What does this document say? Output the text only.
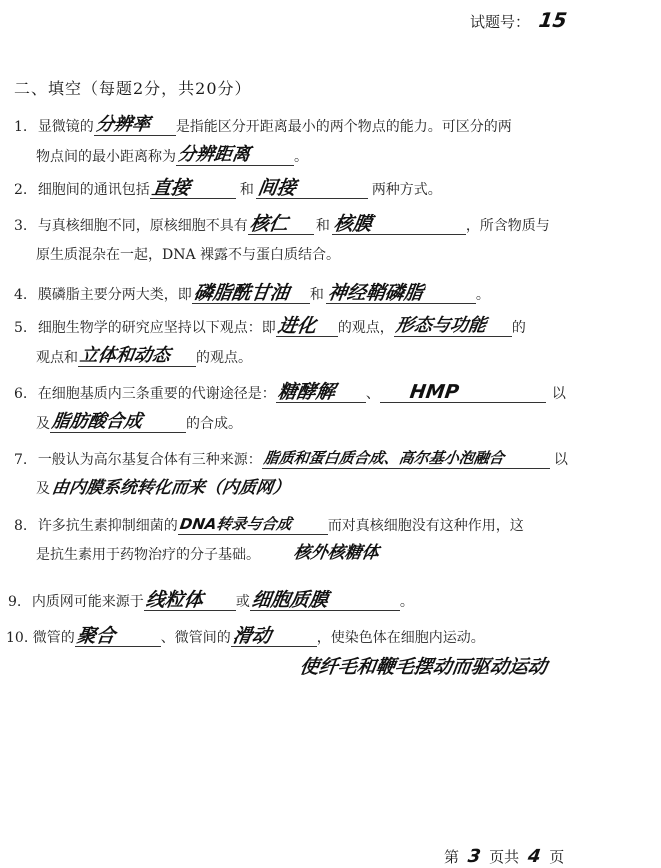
试题号： 15
二、填空（每题2分，共20分）
1. 显微镜的 分辨率 是指能区分开距离最小的两个物点的能力。可区分的两
物点间的最小距离称为 分辨距离	。
2. 细胞间的通讯包括 直接	和 间接	两种方式。
3. 与真核细胞不同，原核细胞不具有 核仁 和 核膜	，所含物质与
原生质混杂在一起，DNA 裸露不与蛋白质结合。
4. 膜磷脂主要分两大类，即 磷脂酰甘油 和 神经鞘磷脂	。
5. 细胞生物学的研究应坚持以下观点：即 进化 的观点， 形态与功能 的
观点和 立体和动态 的观点。
6. 在细胞基质内三条重要的代谢途径是： 糖酵解 、 HMP	以
及 脂肪酸合成	的合成。
7. 一般认为高尔基复合体有三种来源： 脂质和蛋白质合成、高尔基小泡融合	以
及 由内膜系统转化而来（内质网）
8. 许多抗生素抑制细菌的 DNA转录与合成	而对真核细胞没有这种作用，这
是抗生素用于药物治疗的分子基础。 核外核糖体
9. 内质网可能来源于 线粒体 或 细胞质膜	。
10. 微管的 聚合	、微管间的 滑动	，使染色体在细胞内运动。
使纤毛和鞭毛摆动而驱动运动
第 3 页共 4 页
